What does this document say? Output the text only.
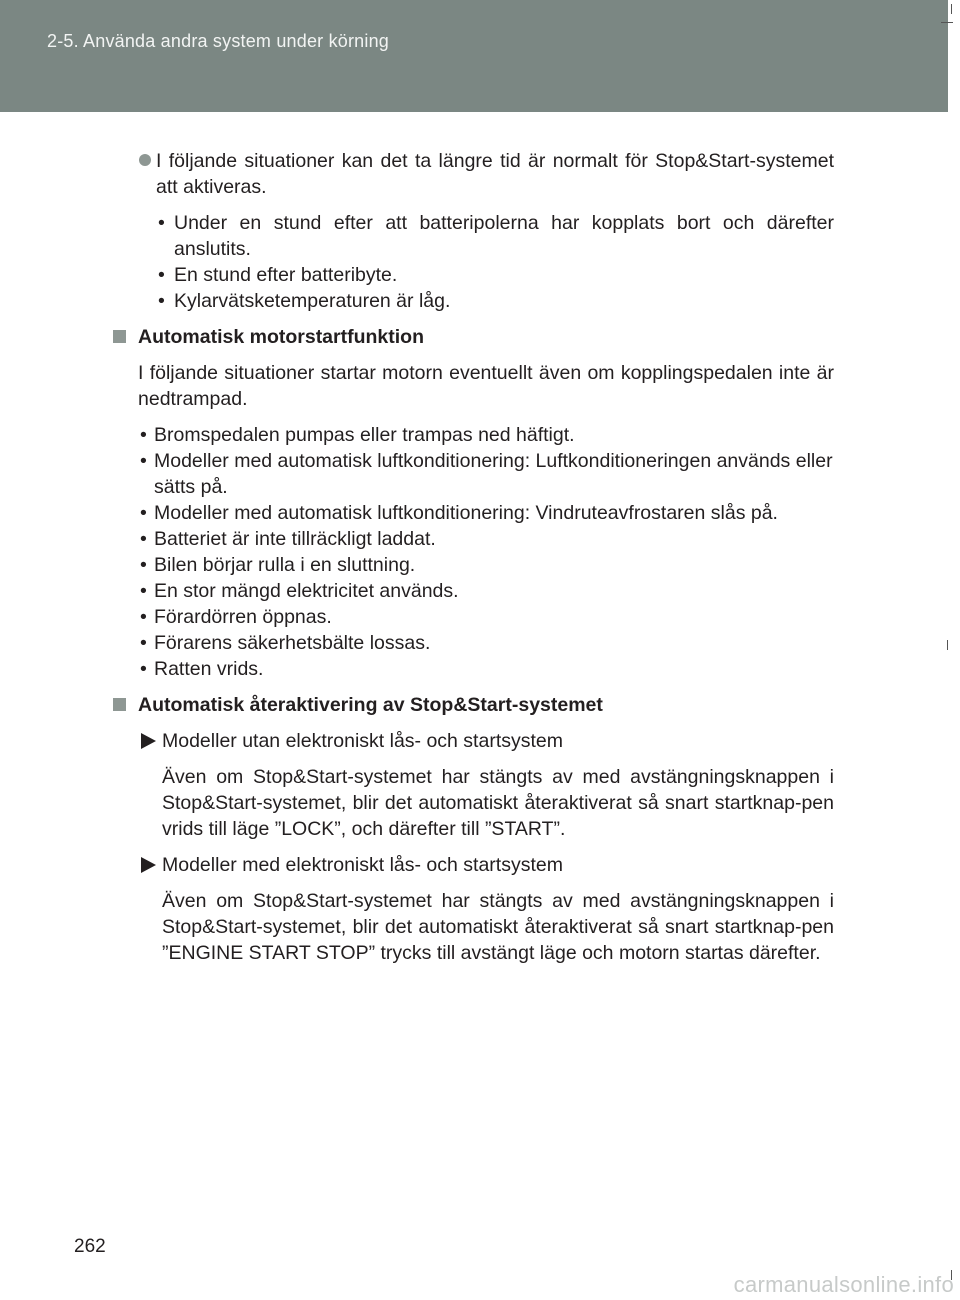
2-5. Använda andra system under körning

I följande situationer kan det ta längre tid är normalt för Stop&Start-systemet att aktiveras.

• Under en stund efter att batteripolerna har kopplats bort och därefter anslutits.
• En stund efter batteribyte.
• Kylarvätsketemperaturen är låg.
Automatisk motorstartfunktion

I följande situationer startar motorn eventuellt även om kopplingspedalen inte är nedtrampad.

• Bromspedalen pumpas eller trampas ned häftigt.
• Modeller med automatisk luftkonditionering: Luftkonditioneringen används eller sätts på.
• Modeller med automatisk luftkonditionering: Vindruteavfrostaren slås på.
• Batteriet är inte tillräckligt laddat.
• Bilen börjar rulla i en sluttning.
• En stor mängd elektricitet används.
• Förardörren öppnas.
• Förarens säkerhetsbälte lossas.
• Ratten vrids.
Automatisk återaktivering av Stop&Start-systemet
Modeller utan elektroniskt lås- och startsystem

Även om Stop&Start-systemet har stängts av med avstängningsknappen i Stop&Start-systemet, blir det automatiskt återaktiverat så snart startknap-pen vrids till läge ”LOCK”, och därefter till ”START”.

Modeller med elektroniskt lås- och startsystem

Även om Stop&Start-systemet har stängts av med avstängningsknappen i Stop&Start-systemet, blir det automatiskt återaktiverat så snart startknap-pen ”ENGINE START STOP” trycks till avstängt läge och motorn startas därefter.

262
carmanualsonline.info
